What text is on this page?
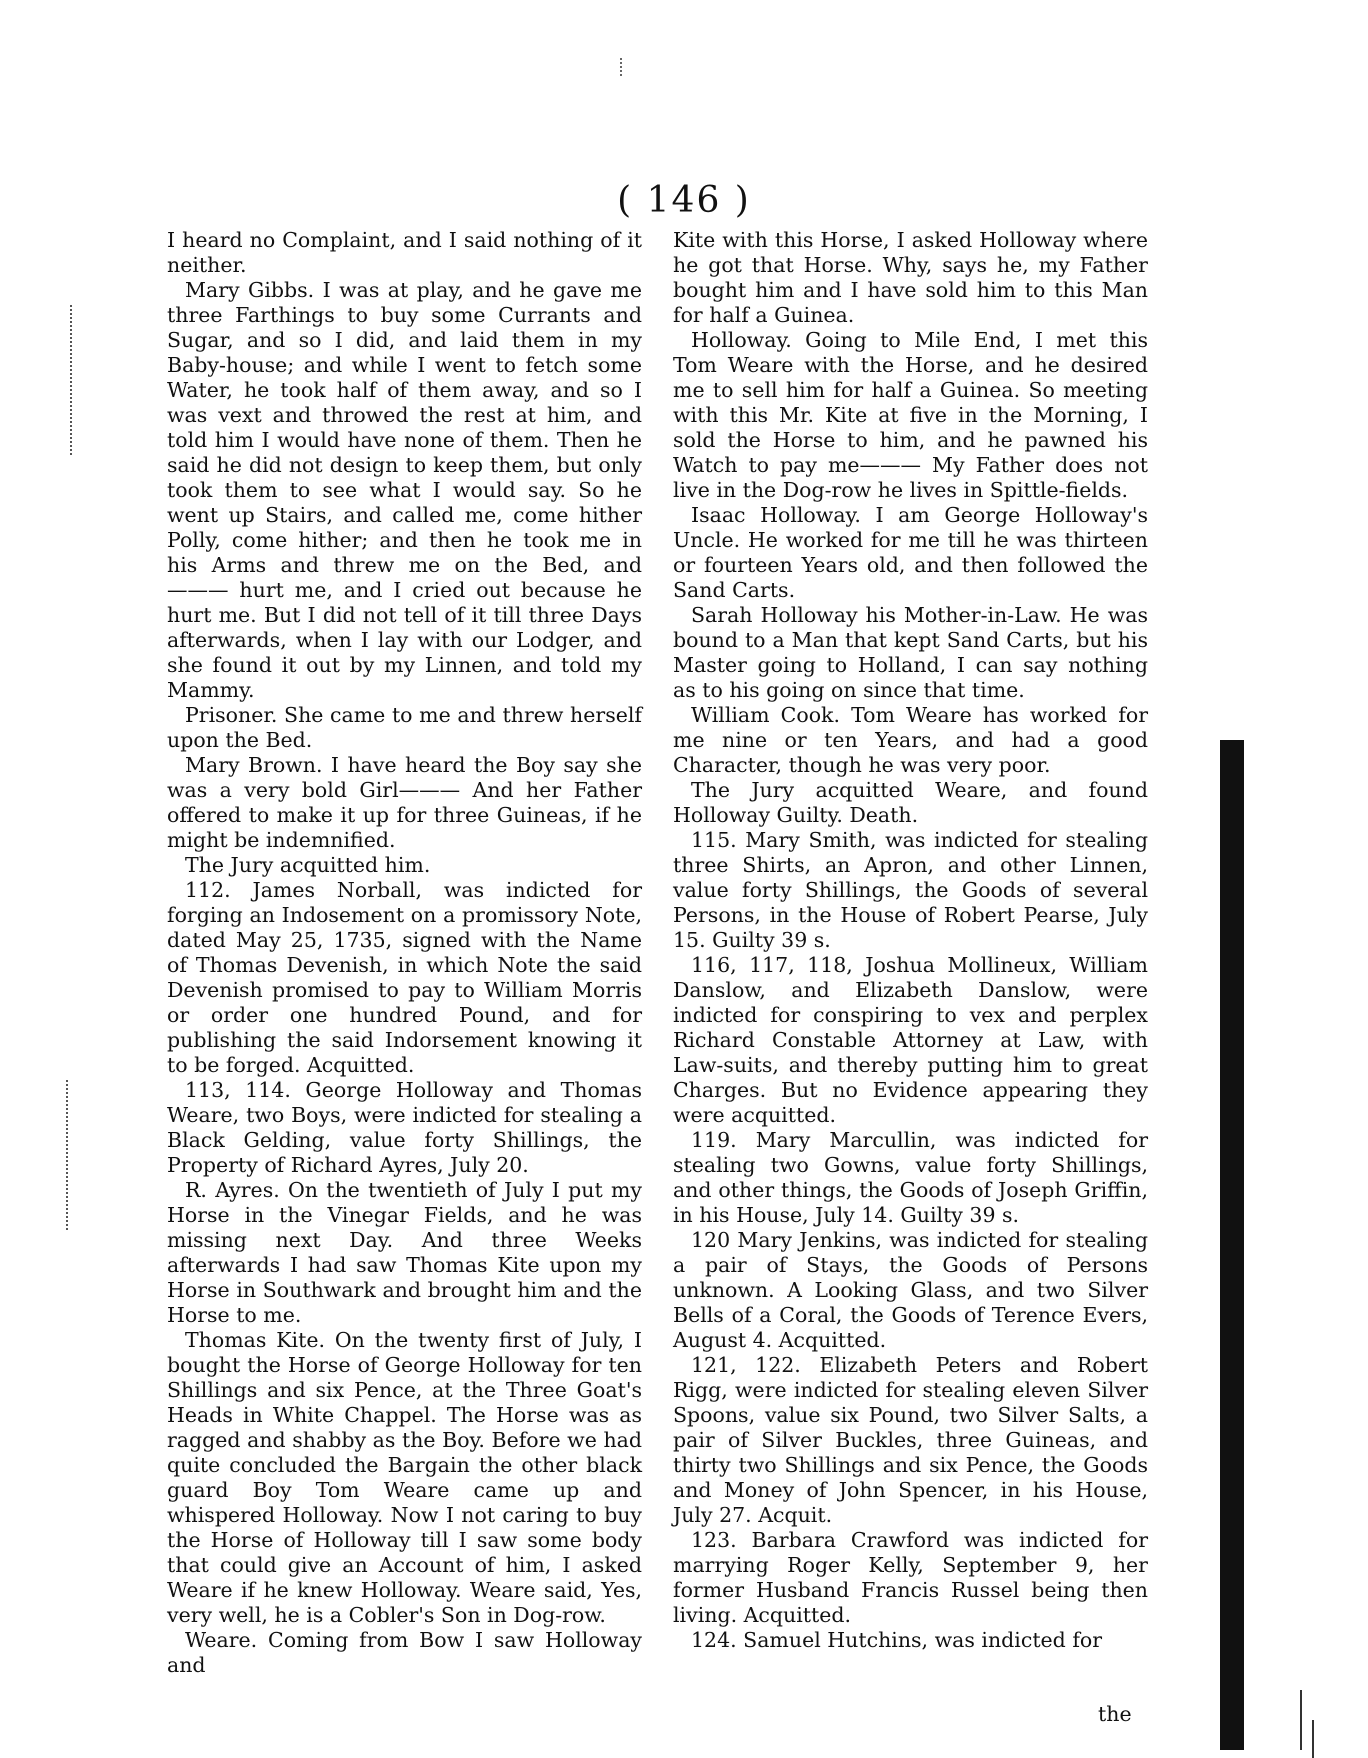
( 146 )

I heard no Complaint, and I said nothing of it neither.

Mary Gibbs. I was at play, and he gave me three Farthings to buy some Currants and Sugar, and so I did, and laid them in my Baby-house; and while I went to fetch some Water, he took half of them away, and so I was vext and throwed the rest at him, and told him I would have none of them. Then he said he did not design to keep them, but only took them to see what I would say. So he went up Stairs, and called me, come hither Polly, come hither; and then he took me in his Arms and threw me on the Bed, and ——— hurt me, and I cried out because he hurt me. But I did not tell of it till three Days afterwards, when I lay with our Lodger, and she found it out by my Linnen, and told my Mammy.

Prisoner. She came to me and threw herself upon the Bed.

Mary Brown. I have heard the Boy say she was a very bold Girl——— And her Father offered to make it up for three Guineas, if he might be indemnified.

The Jury acquitted him.

112. James Norball, was indicted for forging an Indosement on a promissory Note, dated May 25, 1735, signed with the Name of Thomas Devenish, in which Note the said Devenish promised to pay to William Morris or order one hundred Pound, and for publishing the said Indorsement knowing it to be forged. Acquitted.

113, 114. George Holloway and Thomas Weare, two Boys, were indicted for stealing a Black Gelding, value forty Shillings, the Property of Richard Ayres, July 20.

R. Ayres. On the twentieth of July I put my Horse in the Vinegar Fields, and he was missing next Day. And three Weeks afterwards I had saw Thomas Kite upon my Horse in Southwark and brought him and the Horse to me.

Thomas Kite. On the twenty first of July, I bought the Horse of George Holloway for ten Shillings and six Pence, at the Three Goat's Heads in White Chappel. The Horse was as ragged and shabby as the Boy. Before we had quite concluded the Bargain the other black guard Boy Tom Weare came up and whispered Holloway. Now I not caring to buy the Horse of Holloway till I saw some body that could give an Account of him, I asked Weare if he knew Holloway. Weare said, Yes, very well, he is a Cobler's Son in Dog-row.

Weare. Coming from Bow I saw Holloway and

Kite with this Horse, I asked Holloway where he got that Horse. Why, says he, my Father bought him and I have sold him to this Man for half a Guinea.

Holloway. Going to Mile End, I met this Tom Weare with the Horse, and he desired me to sell him for half a Guinea. So meeting with this Mr. Kite at five in the Morning, I sold the Horse to him, and he pawned his Watch to pay me——— My Father does not live in the Dog-row he lives in Spittle-fields.

Isaac Holloway. I am George Holloway's Uncle. He worked for me till he was thirteen or fourteen Years old, and then followed the Sand Carts.

Sarah Holloway his Mother-in-Law. He was bound to a Man that kept Sand Carts, but his Master going to Holland, I can say nothing as to his going on since that time.

William Cook. Tom Weare has worked for me nine or ten Years, and had a good Character, though he was very poor.

The Jury acquitted Weare, and found Holloway Guilty. Death.

115. Mary Smith, was indicted for stealing three Shirts, an Apron, and other Linnen, value forty Shillings, the Goods of several Persons, in the House of Robert Pearse, July 15. Guilty 39 s.

116, 117, 118, Joshua Mollineux, William Danslow, and Elizabeth Danslow, were indicted for conspiring to vex and perplex Richard Constable Attorney at Law, with Law-suits, and thereby putting him to great Charges. But no Evidence appearing they were acquitted.

119. Mary Marcullin, was indicted for stealing two Gowns, value forty Shillings, and other things, the Goods of Joseph Griffin, in his House, July 14. Guilty 39 s.

120 Mary Jenkins, was indicted for stealing a pair of Stays, the Goods of Persons unknown. A Looking Glass, and two Silver Bells of a Coral, the Goods of Terence Evers, August 4. Acquitted.

121, 122. Elizabeth Peters and Robert Rigg, were indicted for stealing eleven Silver Spoons, value six Pound, two Silver Salts, a pair of Silver Buckles, three Guineas, and thirty two Shillings and six Pence, the Goods and Money of John Spencer, in his House, July 27. Acquit.

123. Barbara Crawford was indicted for marrying Roger Kelly, September 9, her former Husband Francis Russel being then living. Acquitted.

124. Samuel Hutchins, was indicted for

the
